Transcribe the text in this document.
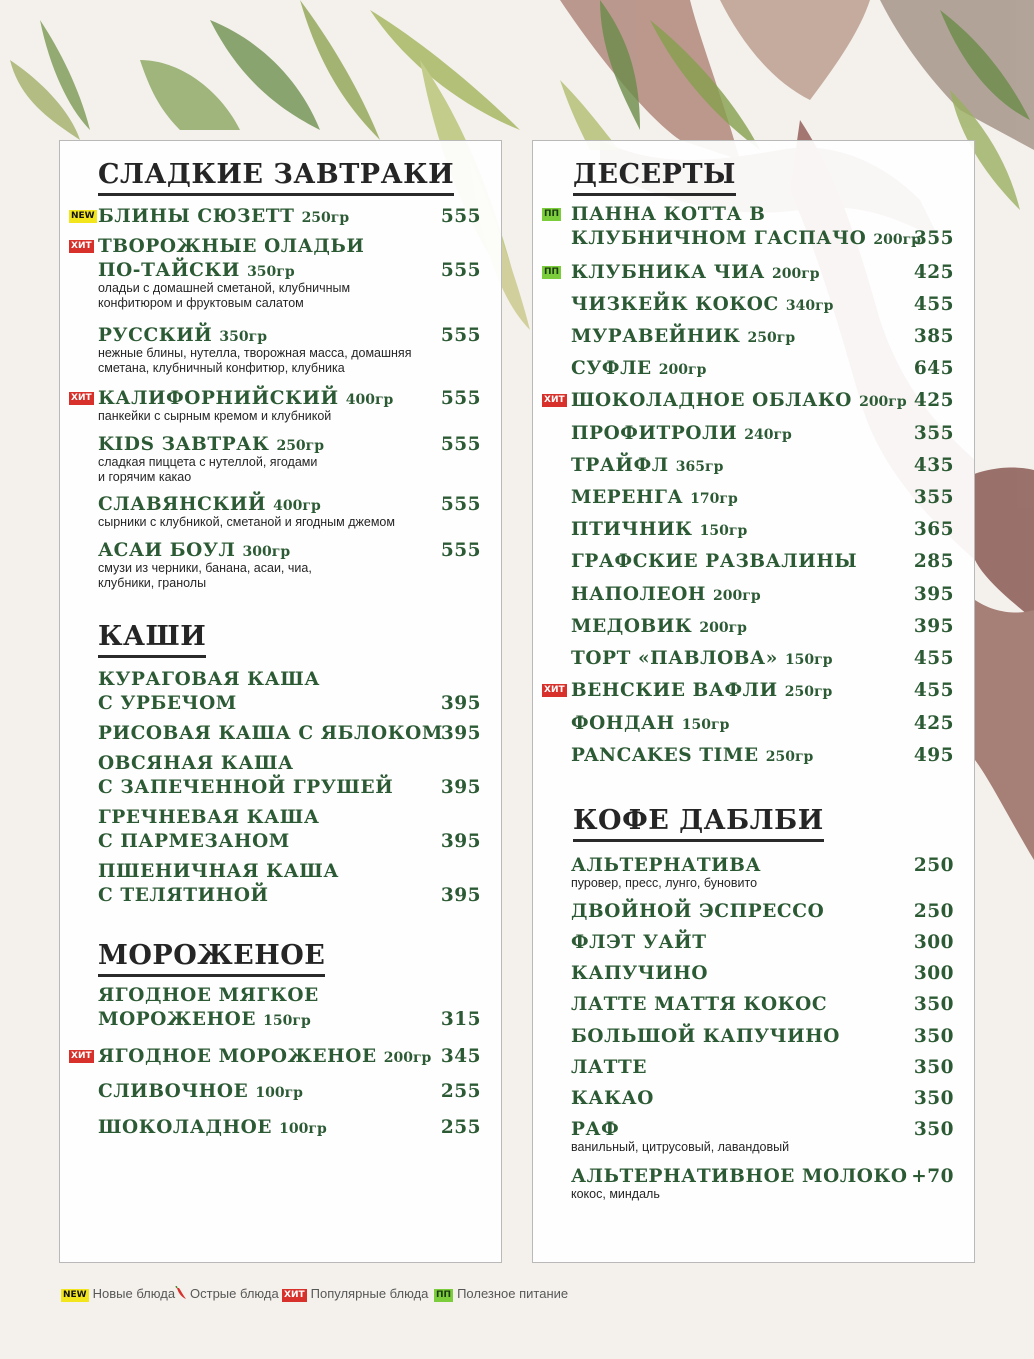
СЛАДКИЕ ЗАВТРАКИ
NEW БЛИНЫ СЮЗЕТТ 250гр	555
ХИТ ТВОРОЖНЫЕ ОЛАДЬИ
ПО-ТАЙСКИ 350гр	555
оладьи с домашней сметаной, клубничным
конфитюром и фруктовым салатом
РУССКИЙ 350гр	555
нежные блины, нутелла, творожная масса, домашняя
сметана, клубничный конфитюр, клубника
ХИТ КАЛИФОРНИЙСКИЙ 400гр	555
панкейки с сырным кремом и клубникой
KIDS ЗАВТРАК 250гр	555
сладкая пиццета с нутеллой, ягодами
и горячим какао
СЛАВЯНСКИЙ 400гр	555
сырники с клубникой, сметаной и ягодным джемом
АСАИ БОУЛ 300гр	555
смузи из черники, банана, асаи, чиа,
клубники, гранолы
КАШИ
КУРАГОВАЯ КАША
С УРБЕЧОМ	395
РИСОВАЯ КАША С ЯБЛОКОМ
395
ОВСЯНАЯ КАША
С ЗАПЕЧЕННОЙ ГРУШЕЙ	395
ГРЕЧНЕВАЯ КАША
С ПАРМЕЗАНОМ	395
ПШЕНИЧНАЯ КАША
С ТЕЛЯТИНОЙ	395
МОРОЖЕНОЕ
ЯГОДНОЕ МЯГКОЕ
МОРОЖЕНОЕ 150гр	315
ХИТ ЯГОДНОЕ МОРОЖЕНОЕ 200гр 345
СЛИВОЧНОЕ 100гр	255
ШОКОЛАДНОЕ 100гр	255
ДЕСЕРТЫ
ПП ПАННА КОТТА В
КЛУБНИЧНОМ ГАСПАЧО 200гр
355
ПП КЛУБНИКА ЧИА 200гр	425
ЧИЗКЕЙК КОКОС 340гр	455
МУРАВЕЙНИК 250гр	385
СУФЛЕ 200гр	645
ХИТ ШОКОЛАДНОЕ ОБЛАКО 200гр 425
ПРОФИТРОЛИ 240гр	355
ТРАЙФЛ 365гр	435
МЕРЕНГА 170гр	355
ПТИЧНИК 150гр	365
ГРАФСКИЕ РАЗВАЛИНЫ	285
НАПОЛЕОН 200гр	395
МЕДОВИК 200гр	395
ТОРТ «ПАВЛОВА» 150гр	455
ХИТ ВЕНСКИЕ ВАФЛИ 250гр	455
ФОНДАН 150гр	425
PANCAKES TIME 250гр	495
КОФЕ ДАБЛБИ
АЛЬТЕРНАТИВА	250
пуровер, пресс, лунго, буновито
ДВОЙНОЙ ЭСПРЕССО	250
ФЛЭТ УАЙТ	300
КАПУЧИНО	300
ЛАТТЕ МАТТЯ КОКОС	350
БОЛЬШОЙ КАПУЧИНО	350
ЛАТТЕ	350
КАКАО	350
РАФ	350
ванильный, цитрусовый, лавандовый
АЛЬТЕРНАТИВНОЕ МОЛОКО +70
кокос, миндаль
NEW Новые блюда	Острые блюда ХИТ Популярные блюда ПП Полезное питание
